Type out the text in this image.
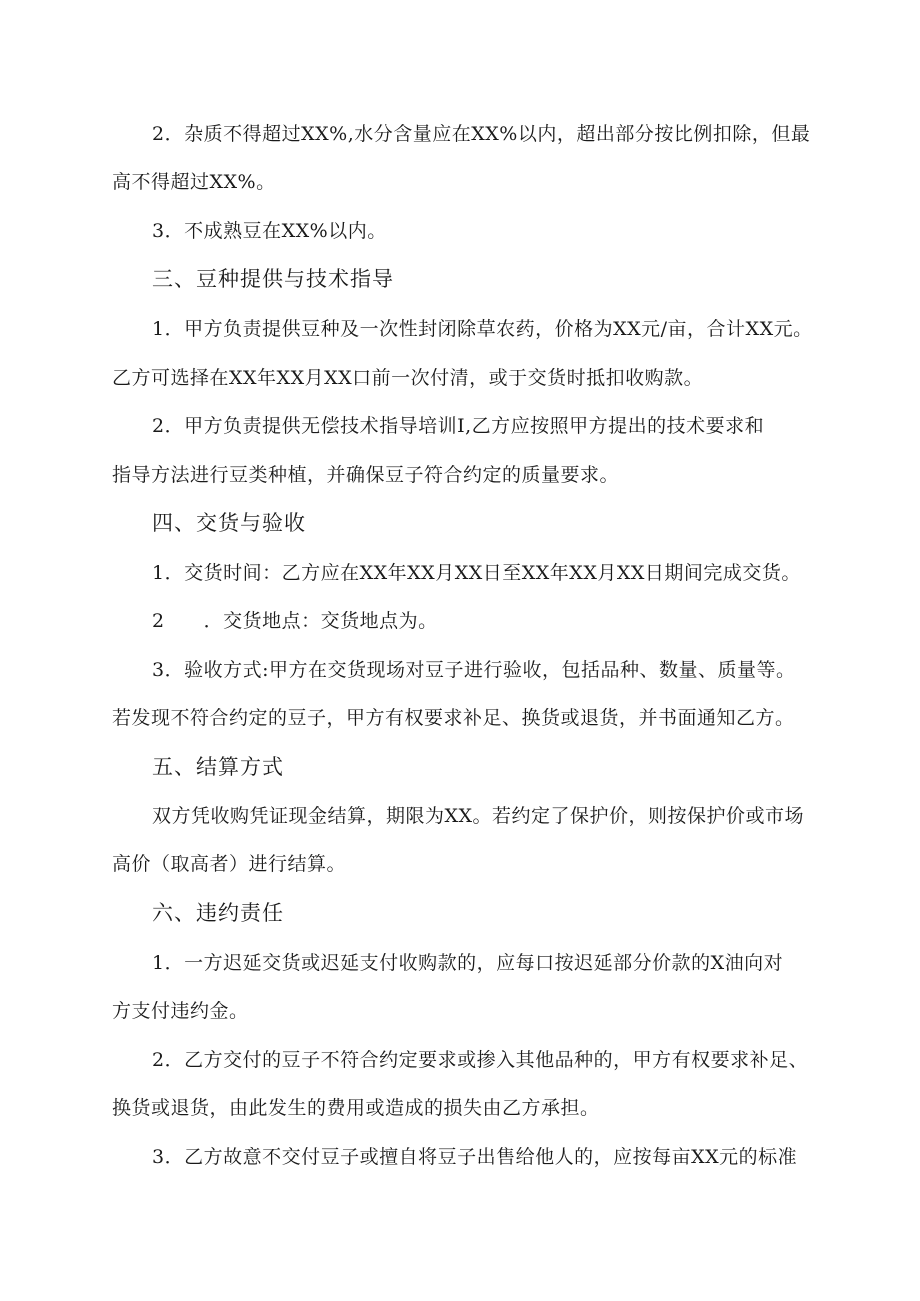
2．杂质不得超过XX%,水分含量应在XX%以内，超出部分按比例扣除，但最
高不得超过XX%。
3．不成熟豆在XX%以内。
三、豆种提供与技术指导
1．甲方负责提供豆种及一次性封闭除草农药，价格为XX元/亩，合计XX元。
乙方可选择在XX年XX月XX口前一次付清，或于交货时抵扣收购款。
2．甲方负责提供无偿技术指导培训I,乙方应按照甲方提出的技术要求和
指导方法进行豆类种植，并确保豆子符合约定的质量要求。
四、交货与验收
1．交货时间：乙方应在XX年XX月XX日至XX年XX月XX日期间完成交货。
2　　．交货地点：交货地点为。
3．验收方式:甲方在交货现场对豆子进行验收，包括品种、数量、质量等。
若发现不符合约定的豆子，甲方有权要求补足、换货或退货，并书面通知乙方。
五、结算方式
双方凭收购凭证现金结算，期限为XX。若约定了保护价，则按保护价或市场
高价（取高者）进行结算。
六、违约责任
1．一方迟延交货或迟延支付收购款的，应每口按迟延部分价款的X油向对
方支付违约金。
2．乙方交付的豆子不符合约定要求或掺入其他品种的，甲方有权要求补足、
换货或退货，由此发生的费用或造成的损失由乙方承担。
3．乙方故意不交付豆子或擅自将豆子出售给他人的，应按每亩XX元的标准
